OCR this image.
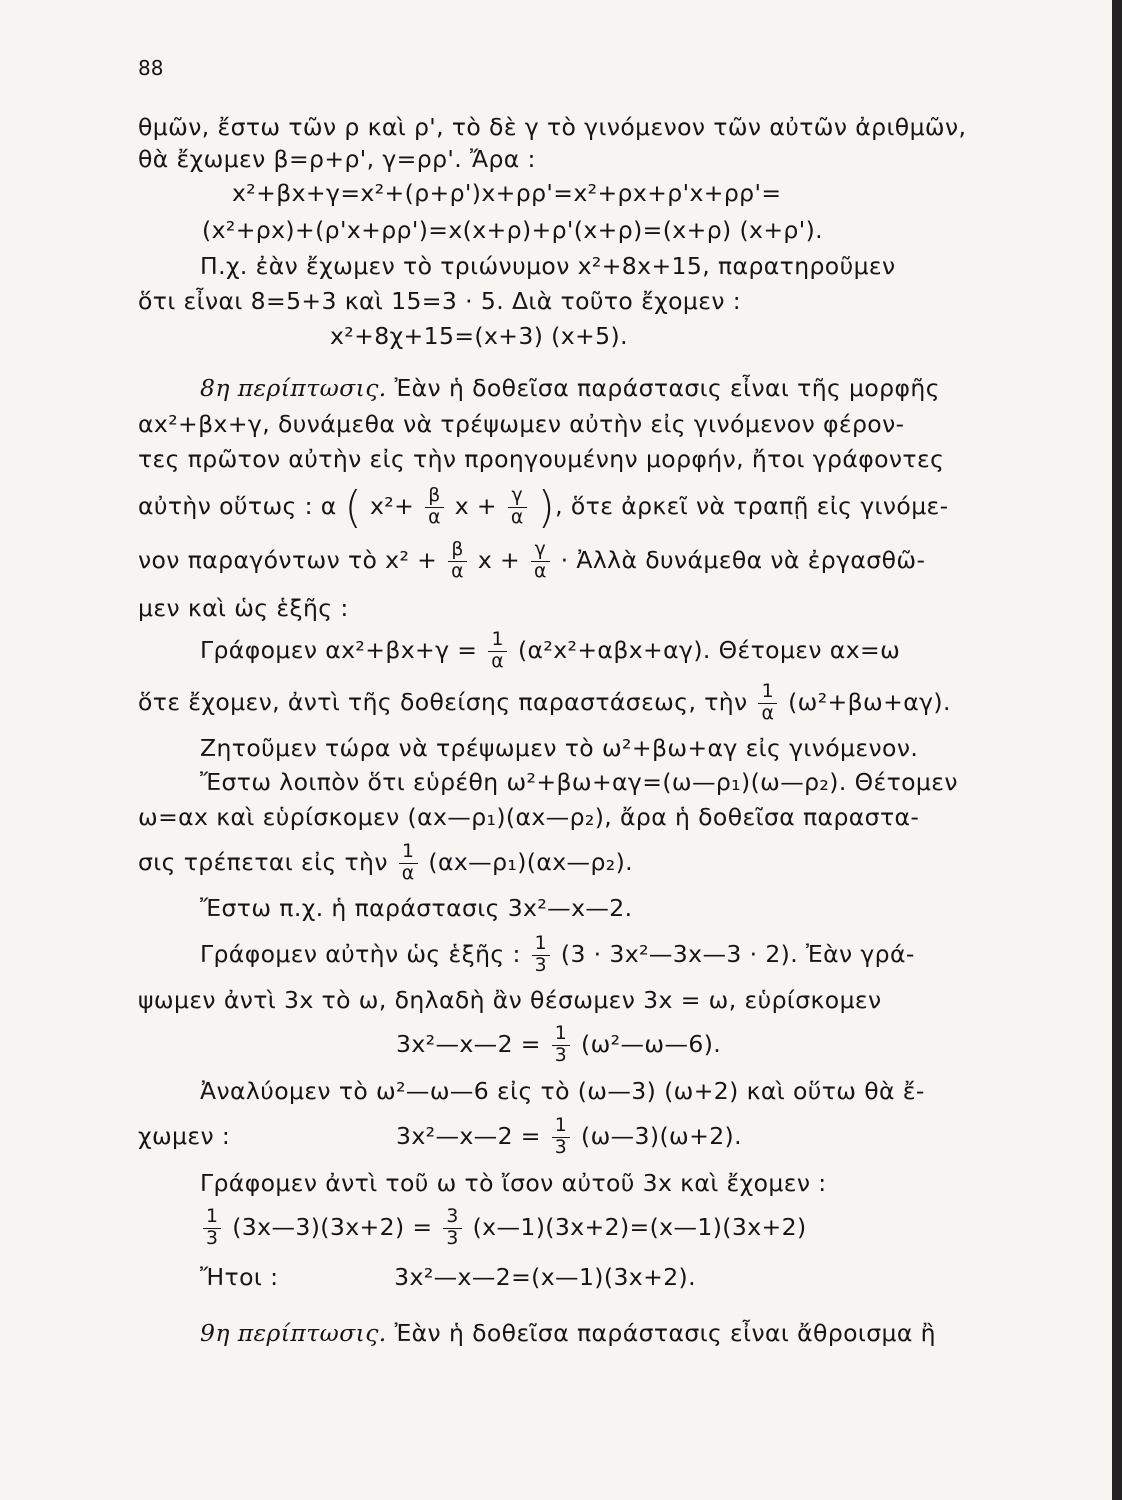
88
θμῶν, ἔστω τῶν ρ καὶ ρ', τὸ δὲ γ τὸ γινόμενον τῶν αὐτῶν ἀριθμῶν,
θὰ ἔχωμεν β=ρ+ρ', γ=ρρ'. Ἄρα :
x²+βx+γ=x²+(ρ+ρ')x+ρρ'=x²+ρx+ρ'x+ρρ'=
(x²+ρx)+(ρ'x+ρρ')=x(x+ρ)+ρ'(x+ρ)=(x+ρ) (x+ρ').
Π.χ. ἐὰν ἔχωμεν τὸ τριώνυμον x²+8x+15, παρατηροῦμεν
ὅτι εἶναι 8=5+3 καὶ 15=3 · 5. Διὰ τοῦτο ἔχομεν :
x²+8χ+15=(x+3) (x+5).
8η περίπτωσις. Ἐὰν ἡ δοθεῖσα παράστασις εἶναι τῆς μορφῆς
αx²+βx+γ, δυνάμεθα νὰ τρέψωμεν αὐτὴν εἰς γινόμενον φέρον-
τες πρῶτον αὐτὴν εἰς τὴν προηγουμένην μορφήν, ἤτοι γράφοντες
αὐτὴν οὕτως : α ( $x^2+ \frac{\beta}{\alpha}$ $x + \frac{\gamma}{\alpha}$ ), ὅτε ἀρκεῖ νὰ τραπῇ εἰς γινόμε-
νον παραγόντων τὸ $x^2 + \frac{\beta}{\alpha}$ $x + \frac{\gamma}{\alpha}$ · Ἀλλὰ δυνάμεθα νὰ ἐργασθῶ-
μεν καὶ ὡς ἑξῆς :
Γράφομεν $\alpha x^2+\beta x+\gamma = \frac{1}{\alpha} (\alpha^2x^2+\alpha\beta x+\alpha\gamma)$. Θέτομεν αx=ω
ὅτε ἔχομεν, ἀντὶ τῆς δοθείσης παραστάσεως, τὴν $\frac{1}{\alpha} (\omega^2+\beta\omega+\alpha\gamma)$.
Ζητοῦμεν τώρα νὰ τρέψωμεν τὸ ω²+βω+αγ εἰς γινόμενον.
Ἔστω λοιπὸν ὅτι εὑρέθη ω²+βω+αγ=(ω—ρ₁)(ω—ρ₂). Θέτομεν
ω=αx καὶ εὑρίσκομεν (αx—ρ₁)(αx—ρ₂), ἄρα ἡ δοθεῖσα παραστα-
σις τρέπεται εἰς τὴν $\frac{1}{\alpha}$ (αx—ρ₁)(αx—ρ₂).
Ἔστω π.χ. ἡ παράστασις 3x²—x—2.
Γράφομεν αὐτὴν ὡς ἑξῆς : $\frac{1}{3} (3$ · 3x²—3x—3 · 2). Ἐὰν γρά-
ψωμεν ἀντὶ 3x τὸ ω, δηλαδὴ ἂν θέσωμεν 3x = ω, εὑρίσκομεν
3x²—x—2 = $\frac{1}{3}$ (ω²—ω—6).
Ἀναλύομεν τὸ ω²—ω—6 εἰς τὸ (ω—3) (ω+2) καὶ οὕτω θὰ ἔ-
χωμεν :	3x²—x—2 = $\frac{1}{3}$ (ω—3)(ω+2).
Γράφομεν ἀντὶ τοῦ ω τὸ ἴσον αὐτοῦ 3x καὶ ἔχομεν :
$\frac{1}{3}$ (3x—3)(3x+2) = $\frac{3}{3}$ (x—1)(3x+2)=(x—1)(3x+2)
Ἤτοι :	3x²—x—2=(x—1)(3x+2).
9η περίπτωσις. Ἐὰν ἡ δοθεῖσα παράστασις εἶναι ἄθροισμα ἢ
